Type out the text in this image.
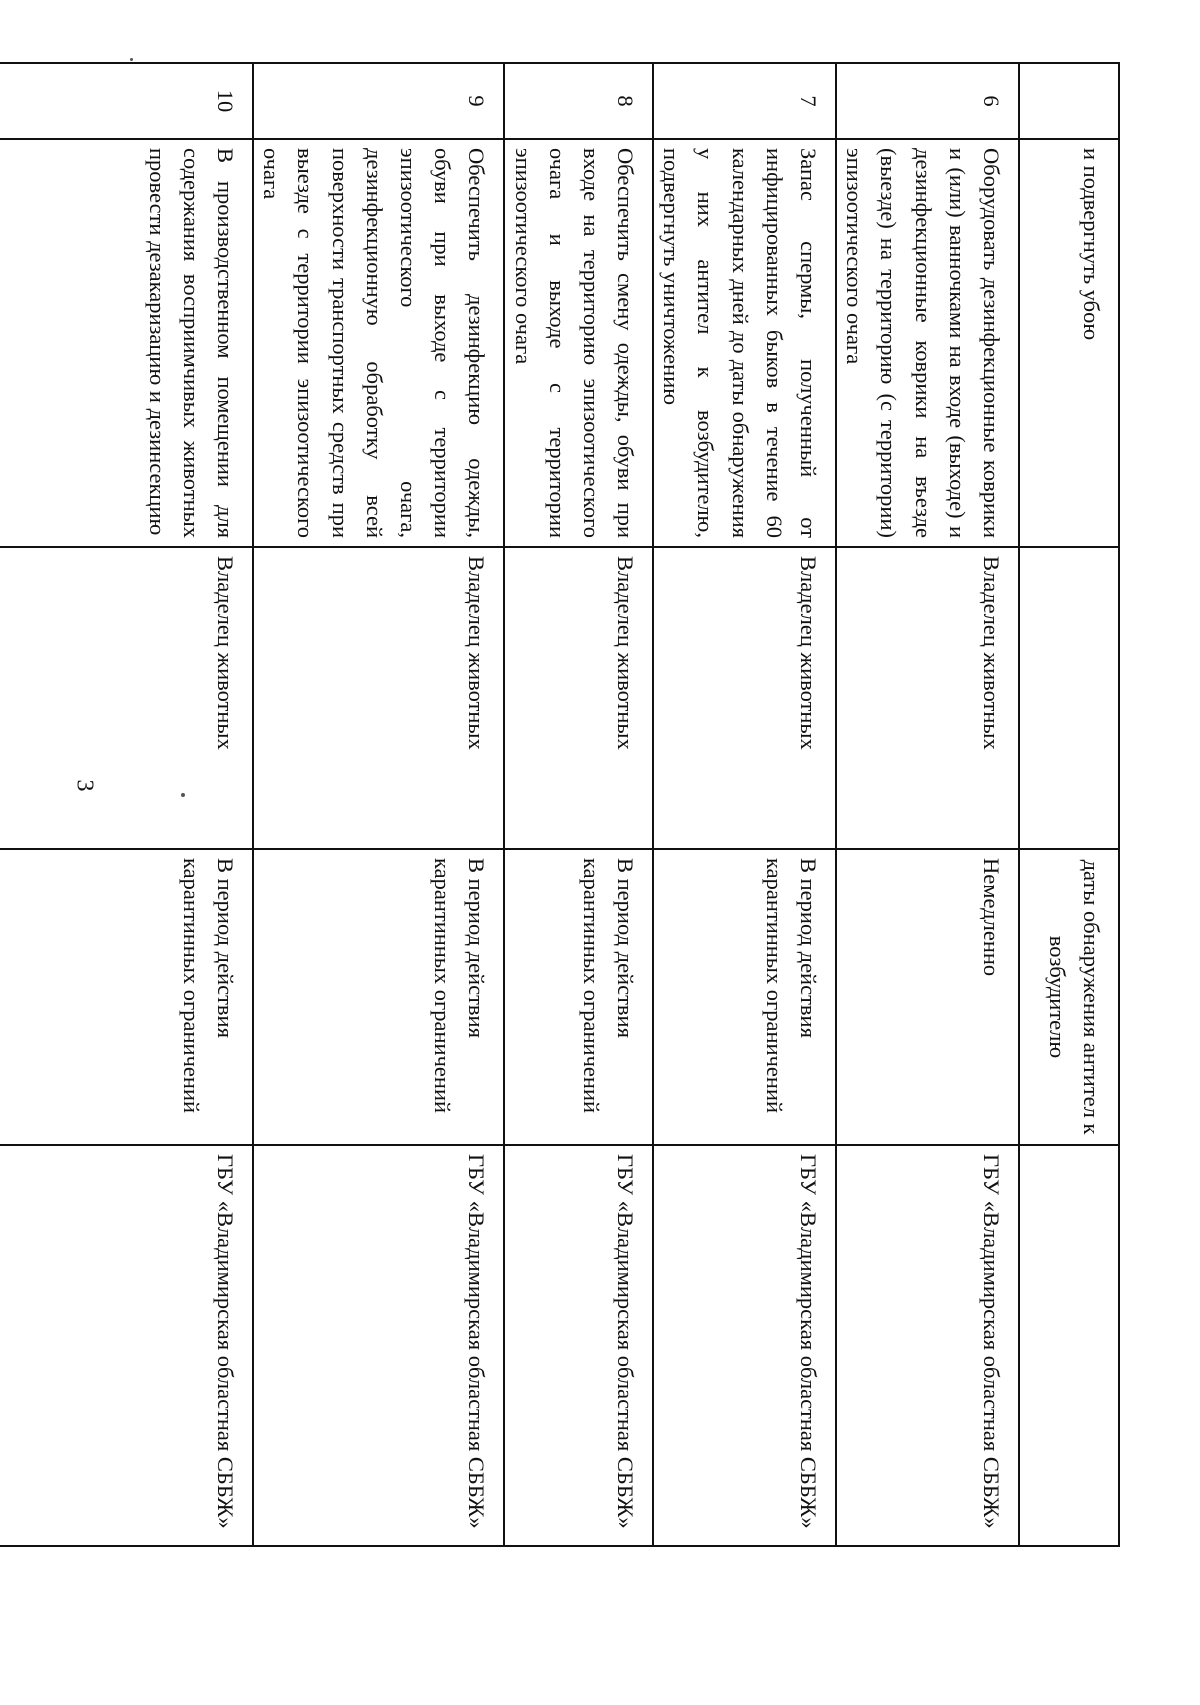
3
	и подвергнуть убою		даты обнаружения антител к возбудителю	
6	Оборудовать дезинфекционные коврики и (или) ванночками на входе (выходе) и дезинфекционные коврики на въезде (выезде) на территорию (с территории) эпизоотического очага	Владелец животных	Немедленно	ГБУ «Владимирская областная СББЖ»
7	Запас спермы, полученный от инфицированных быков в течение 60 календарных дней до даты обнаружения у них антител к возбудителю, подвергнуть уничтожению	Владелец животных	В период действия карантинных ограничений	ГБУ «Владимирская областная СББЖ»
8	Обеспечить смену одежды, обуви при входе на территорию эпизоотического очага и выходе с территории эпизоотического очага	Владелец животных	В период действия карантинных ограничений	ГБУ «Владимирская областная СББЖ»
9	Обеспечить дезинфекцию одежды, обуви при выходе с территории эпизоотического очага, дезинфекционную обработку всей поверхности транспортных средств при выезде с территории эпизоотического очага	Владелец животных	В период действия карантинных ограничений	ГБУ «Владимирская областная СББЖ»
10	В производственном помещении для содержания восприимчивых животных провести дезакаризацию и дезинсекцию	Владелец животных	В период действия карантинных ограничений	ГБУ «Владимирская областная СББЖ»
